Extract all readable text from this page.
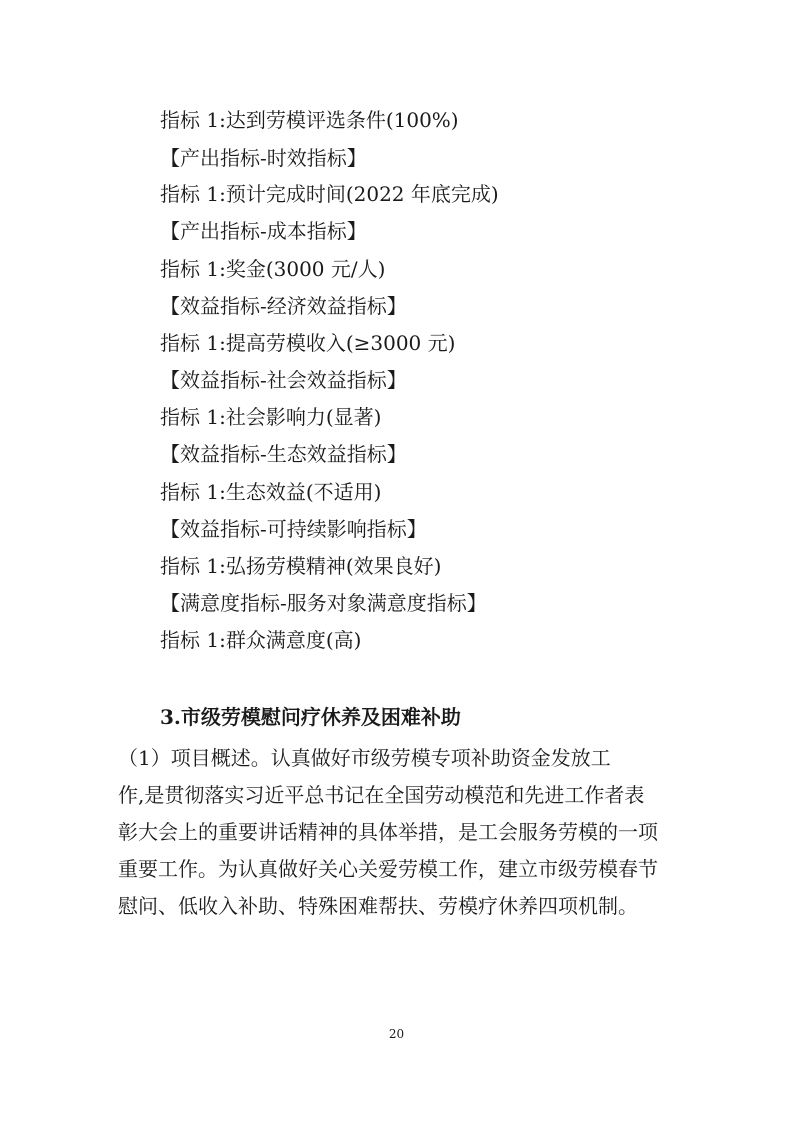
指标 1:达到劳模评选条件(100%)
【产出指标-时效指标】
指标 1:预计完成时间(2022 年底完成)
【产出指标-成本指标】
指标 1:奖金(3000 元/人)
【效益指标-经济效益指标】
指标 1:提高劳模收入(≥3000 元)
【效益指标-社会效益指标】
指标 1:社会影响力(显著)
【效益指标-生态效益指标】
指标 1:生态效益(不适用)
【效益指标-可持续影响指标】
指标 1:弘扬劳模精神(效果良好)
【满意度指标-服务对象满意度指标】
指标 1:群众满意度(高)
3.市级劳模慰问疗休养及困难补助
（1）项目概述。认真做好市级劳模专项补助资金发放工
作,是贯彻落实习近平总书记在全国劳动模范和先进工作者表
彰大会上的重要讲话精神的具体举措，是工会服务劳模的一项
重要工作。为认真做好关心关爱劳模工作，建立市级劳模春节
慰问、低收入补助、特殊困难帮扶、劳模疗休养四项机制。
20
